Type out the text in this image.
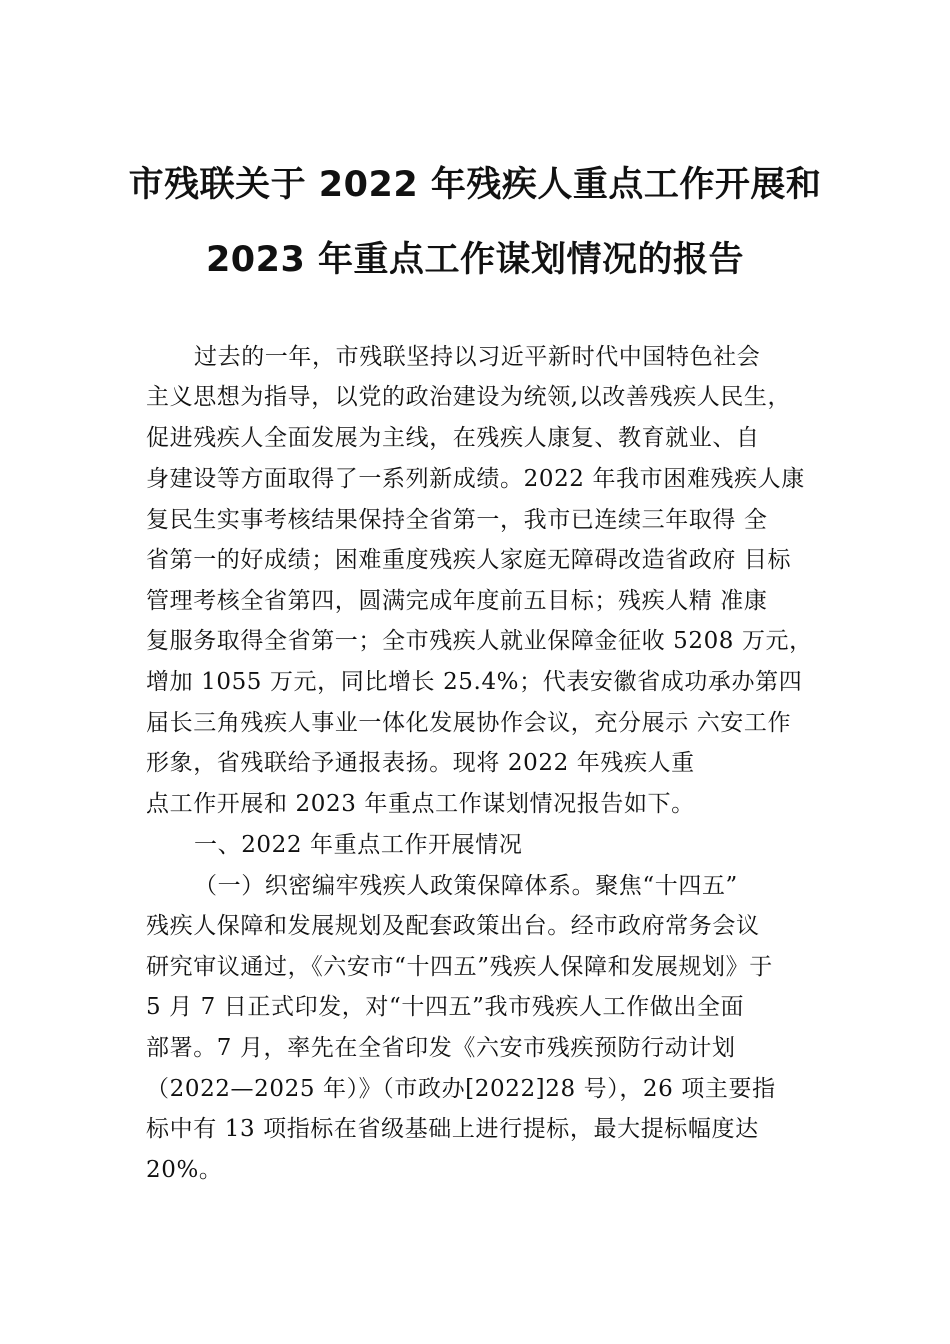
市残联关于 2022 年残疾人重点工作开展和
2023 年重点工作谋划情况的报告
过去的一年，市残联坚持以习近平新时代中国特色社会
主义思想为指导，以党的政治建设为统领,以改善残疾人民生，
促进残疾人全面发展为主线，在残疾人康复、教育就业、自
身建设等方面取得了一系列新成绩。2022 年我市困难残疾人康
复民生实事考核结果保持全省第一，我市已连续三年取得 全
省第一的好成绩；困难重度残疾人家庭无障碍改造省政府 目标
管理考核全省第四，圆满完成年度前五目标；残疾人精 准康
复服务取得全省第一；全市残疾人就业保障金征收 5208 万元，
增加 1055 万元，同比增长 25.4%；代表安徽省成功承办第四
届长三角残疾人事业一体化发展协作会议，充分展示 六安工作
形象，省残联给予通报表扬。现将 2022 年残疾人重
点工作开展和 2023 年重点工作谋划情况报告如下。
一、2022 年重点工作开展情况
（一）织密编牢残疾人政策保障体系。聚焦“十四五”
残疾人保障和发展规划及配套政策出台。经市政府常务会议
研究审议通过，《六安市“十四五”残疾人保障和发展规划》于
5 月 7 日正式印发，对“十四五”我市残疾人工作做出全面
部署。7 月，率先在全省印发《六安市残疾预防行动计划
（2022—2025 年）》（市政办[2022]28 号），26 项主要指
标中有 13 项指标在省级基础上进行提标，最大提标幅度达
20%。
